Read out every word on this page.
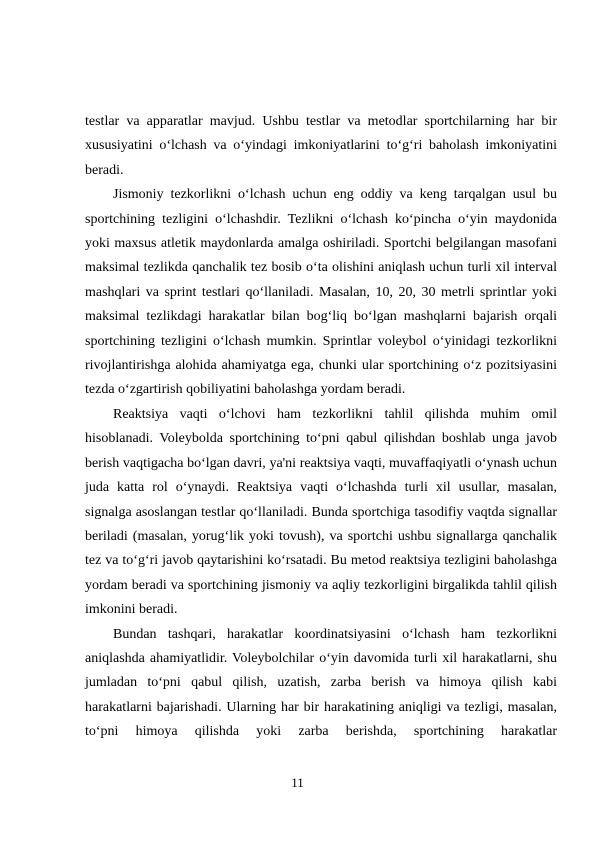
testlar va apparatlar mavjud. Ushbu testlar va metodlar sportchilarning har bir xususiyatini o‘lchash va o‘yindagi imkoniyatlarini to‘g‘ri baholash imkoniyatini beradi.

Jismoniy tezkorlikni o‘lchash uchun eng oddiy va keng tarqalgan usul bu sportchining tezligini o‘lchashdir. Tezlikni o‘lchash ko‘pincha o‘yin maydonida yoki maxsus atletik maydonlarda amalga oshiriladi. Sportchi belgilangan masofani maksimal tezlikda qanchalik tez bosib o‘ta olishini aniqlash uchun turli xil interval mashqlari va sprint testlari qo‘llaniladi. Masalan, 10, 20, 30 metrli sprintlar yoki maksimal tezlikdagi harakatlar bilan bog‘liq bo‘lgan mashqlarni bajarish orqali sportchining tezligini o‘lchash mumkin. Sprintlar voleybol o‘yinidagi tezkorlikni rivojlantirishga alohida ahamiyatga ega, chunki ular sportchining o‘z pozitsiyasini tezda o‘zgartirish qobiliyatini baholashga yordam beradi.

Reaktsiya vaqti o‘lchovi ham tezkorlikni tahlil qilishda muhim omil hisoblanadi. Voleybolda sportchining to‘pni qabul qilishdan boshlab unga javob berish vaqtigacha bo‘lgan davri, ya'ni reaktsiya vaqti, muvaffaqiyatli o‘ynash uchun juda katta rol o‘ynaydi. Reaktsiya vaqti o‘lchashda turli xil usullar, masalan, signalga asoslangan testlar qo‘llaniladi. Bunda sportchiga tasodifiy vaqtda signallar beriladi (masalan, yorug‘lik yoki tovush), va sportchi ushbu signallarga qanchalik tez va to‘g‘ri javob qaytarishini ko‘rsatadi. Bu metod reaktsiya tezligini baholashga yordam beradi va sportchining jismoniy va aqliy tezkorligini birgalikda tahlil qilish imkonini beradi.

Bundan tashqari, harakatlar koordinatsiyasini o‘lchash ham tezkorlikni aniqlashda ahamiyatlidir. Voleybolchilar o‘yin davomida turli xil harakatlarni, shu jumladan to‘pni qabul qilish, uzatish, zarba berish va himoya qilish kabi harakatlarni bajarishadi. Ularning har bir harakatining aniqligi va tezligi, masalan, to‘pni himoya qilishda yoki zarba berishda, sportchining harakatlar

11
